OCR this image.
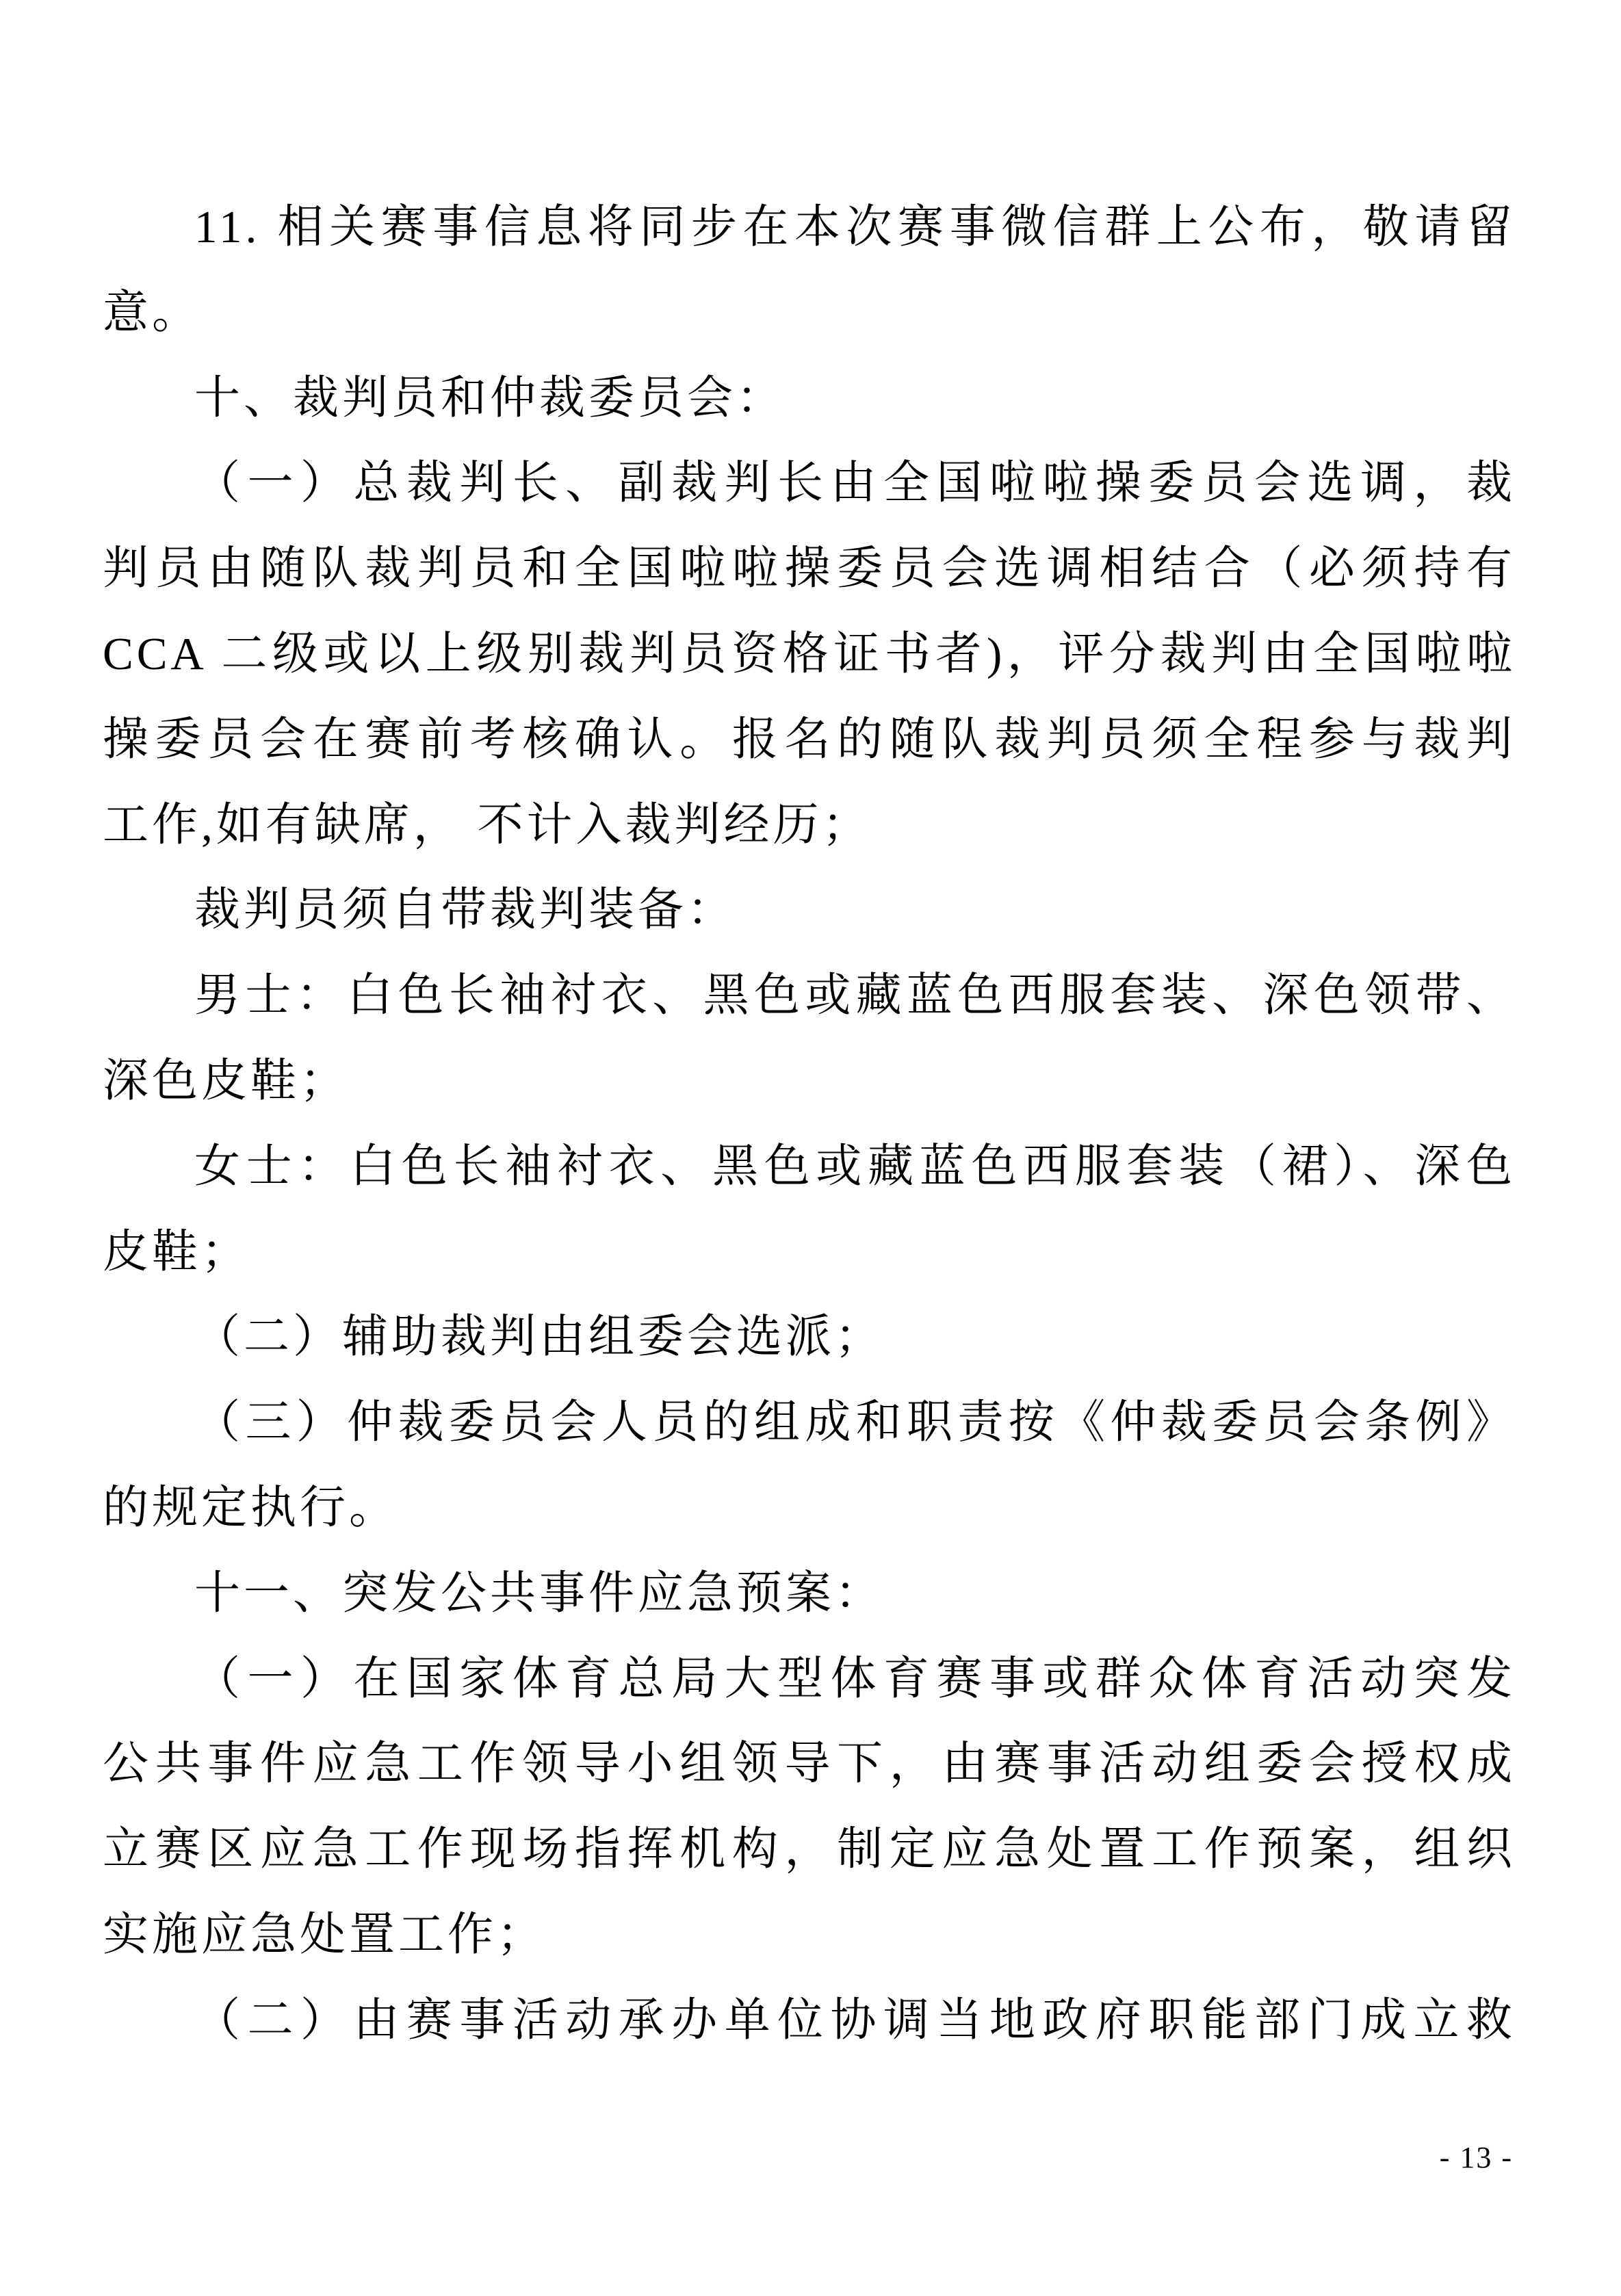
11. 相关赛事信息将同步在本次赛事微信群上公布，敬请留
意。
十、裁判员和仲裁委员会：
（一）总裁判长、副裁判长由全国啦啦操委员会选调，裁
判员由随队裁判员和全国啦啦操委员会选调相结合（必须持有
CCA 二级或以上级别裁判员资格证书者)，评分裁判由全国啦啦
操委员会在赛前考核确认。报名的随队裁判员须全程参与裁判
工作,如有缺席， 不计入裁判经历；
裁判员须自带裁判装备：
男士：白色长袖衬衣、黑色或藏蓝色西服套装、深色领带、
深色皮鞋；
女士：白色长袖衬衣、黑色或藏蓝色西服套装（裙）、深色
皮鞋；
（二）辅助裁判由组委会选派；
（三）仲裁委员会人员的组成和职责按《仲裁委员会条例》
的规定执行。
十一、突发公共事件应急预案：
（一）在国家体育总局大型体育赛事或群众体育活动突发
公共事件应急工作领导小组领导下，由赛事活动组委会授权成
立赛区应急工作现场指挥机构，制定应急处置工作预案，组织
实施应急处置工作；
（二）由赛事活动承办单位协调当地政府职能部门成立救
- 13 -
